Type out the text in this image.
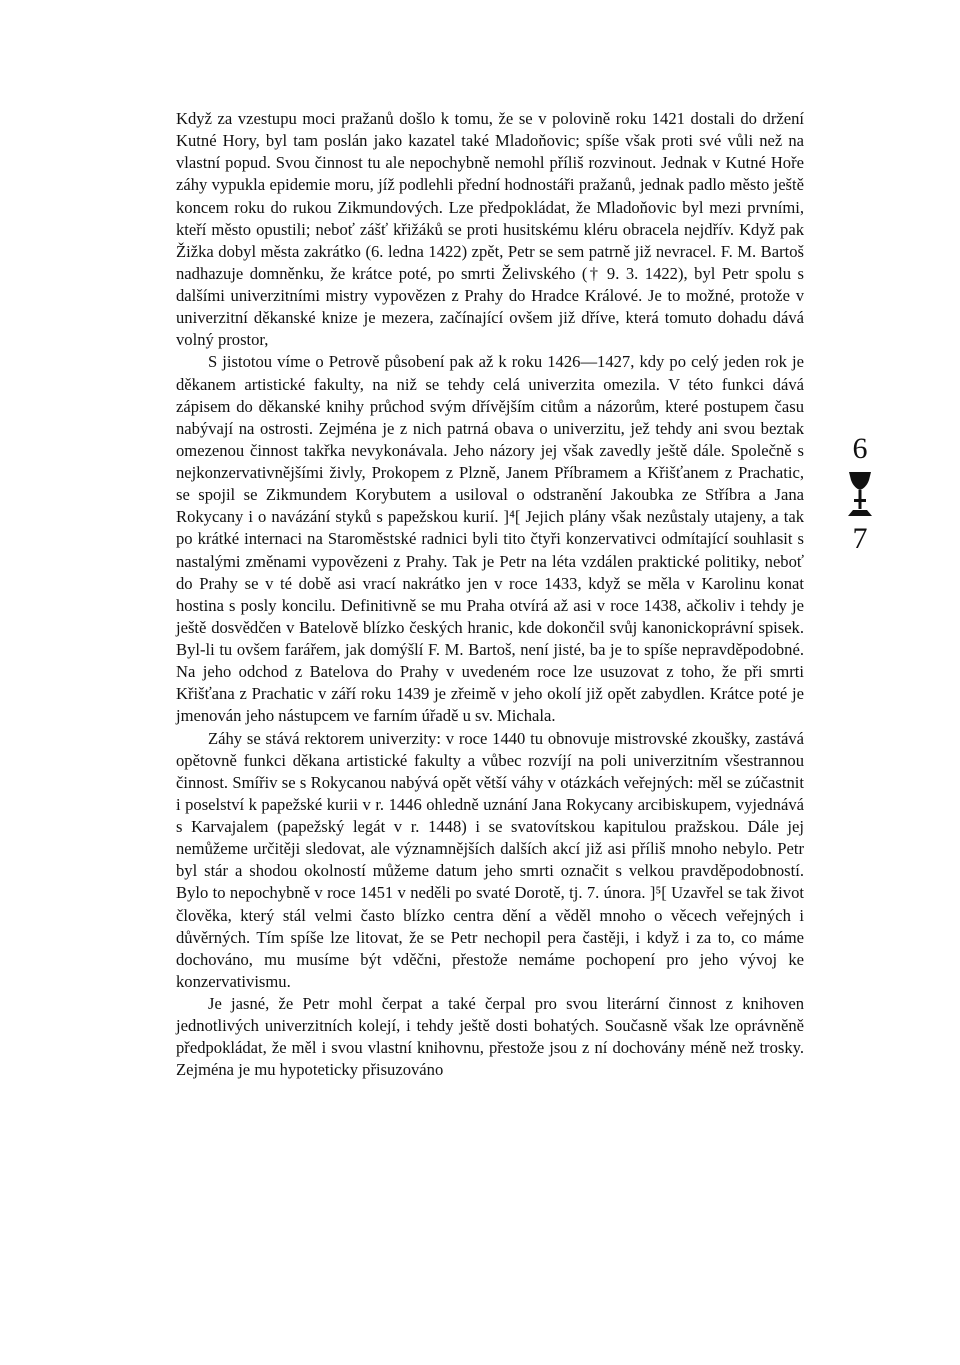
Když za vzestupu moci pražanů došlo k tomu, že se v polovině roku 1421 dostali do držení Kutné Hory, byl tam poslán jako kazatel také Mladoňovic; spíše však proti své vůli než na vlastní popud. Svou činnost tu ale nepochybně nemohl příliš rozvinout. Jednak v Kutné Hoře záhy vypukla epidemie moru, jíž podlehli přední hodnostáři pražanů, jednak padlo město ještě koncem roku do rukou Zikmundových. Lze předpokládat, že Mladoňovic byl mezi prvními, kteří město opustili; neboť zášť křižáků se proti husitskému kléru obracela nejdřív. Když pak Žižka dobyl města zakrátko (6. ledna 1422) zpět, Petr se sem patrně již nevracel. F. M. Bartoš nadhazuje domněnku, že krátce poté, po smrti Želivského († 9. 3. 1422), byl Petr spolu s dalšími univerzitními mistry vypovězen z Prahy do Hradce Králové. Je to možné, protože v univerzitní děkanské knize je mezera, začínající ovšem již dříve, která tomuto dohadu dává volný prostor,

S jistotou víme o Petrově působení pak až k roku 1426—1427, kdy po celý jeden rok je děkanem artistické fakulty, na niž se tehdy celá univerzita omezila. V této funkci dává zápisem do děkanské knihy průchod svým dřívějším citům a názorům, které postupem času nabývají na ostrosti. Zejména je z nich patrná obava o univerzitu, jež tehdy ani svou beztak omezenou činnost takřka nevykonávala. Jeho názory jej však zavedly ještě dále. Společně s nejkonzervativnějšími živly, Prokopem z Plzně, Janem Příbramem a Křišťanem z Prachatic, se spojil se Zikmundem Korybutem a usiloval o odstranění Jakoubka ze Stříbra a Jana Rokycany i o navázání styků s papežskou kurií. ]⁴[ Jejich plány však nezůstaly utajeny, a tak po krátké internaci na Staroměstské radnici byli tito čtyři konzervativci odmítající souhlasit s nastalými změnami vypovězeni z Prahy. Tak je Petr na léta vzdálen praktické politiky, neboť do Prahy se v té době asi vrací nakrátko jen v roce 1433, když se měla v Karolinu konat hostina s posly koncilu. Definitivně se mu Praha otvírá až asi v roce 1438, ačkoliv i tehdy je ještě dosvědčen v Batelově blízko českých hranic, kde dokončil svůj kanonickoprávní spisek. Byl-li tu ovšem farářem, jak domýšlí F. M. Bartoš, není jisté, ba je to spíše nepravděpodobné. Na jeho odchod z Batelova do Prahy v uvedeném roce lze usuzovat z toho, že při smrti Křišťana z Prachatic v září roku 1439 je zřeimě v jeho okolí již opět zabydlen. Krátce poté je jmenován jeho nástupcem ve farním úřadě u sv. Michala.

Záhy se stává rektorem univerzity: v roce 1440 tu obnovuje mistrovské zkoušky, zastává opětovně funkci děkana artistické fakulty a vůbec rozvíjí na poli univerzitním všestrannou činnost. Smířiv se s Rokycanou nabývá opět větší váhy v otázkách veřejných: měl se zúčastnit i poselství k papežské kurii v r. 1446 ohledně uznání Jana Rokycany arcibiskupem, vyjednává s Karvajalem (papežský legát v r. 1448) i se svatovítskou kapitulou pražskou. Dále jej nemůžeme určitěji sledovat, ale významnějších dalších akcí již asi příliš mnoho nebylo. Petr byl stár a shodou okolností můžeme datum jeho smrti označit s velkou pravděpodobností. Bylo to nepochybně v roce 1451 v neděli po svaté Dorotě, tj. 7. února. ]⁵[ Uzavřel se tak život člověka, který stál velmi často blízko centra dění a věděl mnoho o věcech veřejných i důvěrných. Tím spíše lze litovat, že se Petr nechopil pera častěji, i když i za to, co máme dochováno, mu musíme být vděčni, přestože nemáme pochopení pro jeho vývoj ke konzervativismu.

Je jasné, že Petr mohl čerpat a také čerpal pro svou literární činnost z knihoven jednotlivých univerzitních kolejí, i tehdy ještě dosti bohatých. Současně však lze oprávněně předpokládat, že měl i svou vlastní knihovnu, přestože jsou z ní dochovány méně než trosky. Zejména je mu hypoteticky přisuzováno

6
7
